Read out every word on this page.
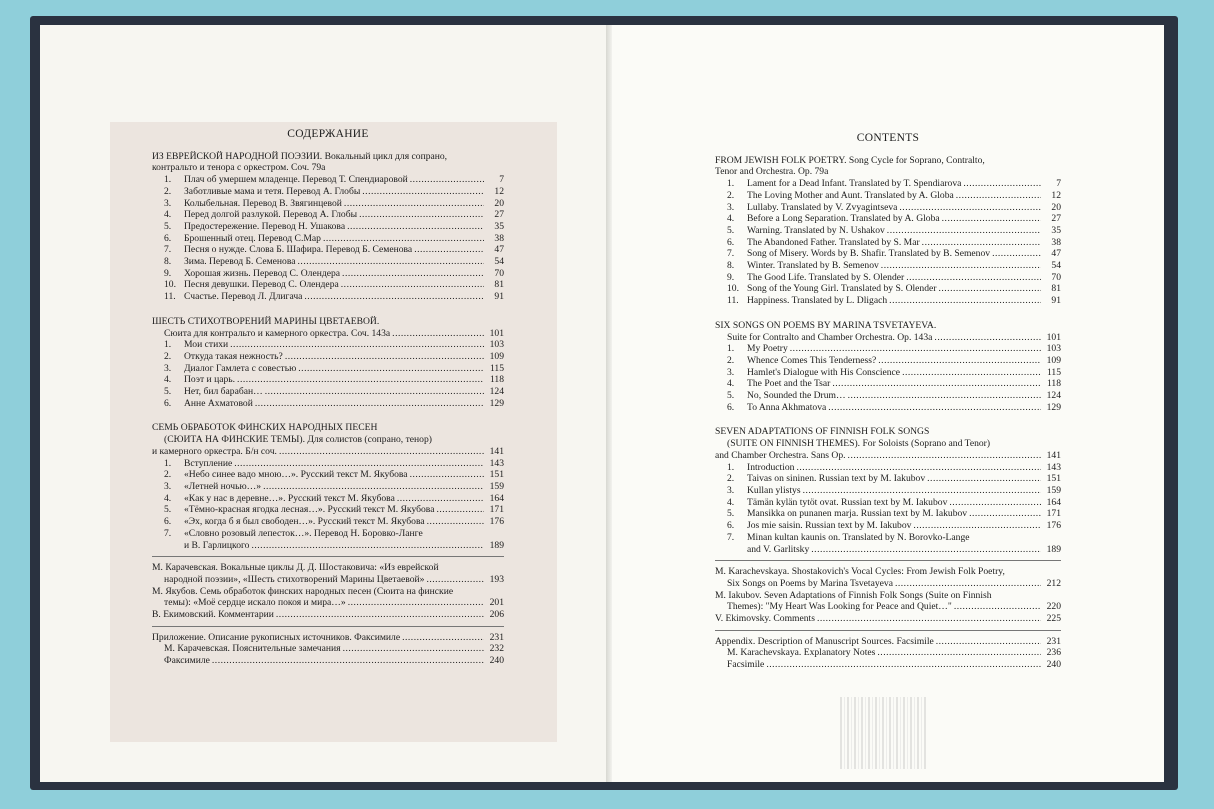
СОДЕРЖАНИЕ
ИЗ ЕВРЕЙСКОЙ НАРОДНОЙ ПОЭЗИИ. Вокальный цикл для сопрано,
контральто и тенора с оркестром. Соч. 79а
1.	Плач об умершем младенце. Перевод Т. Спендиаровой .....	7
2.	Заботливые мама и тетя. Перевод А. Глобы .....	12
3.	Колыбельная. Перевод В. Звягинцевой .....	20
4.	Перед долгой разлукой. Перевод А. Глобы .....	27
5.	Предостережение. Перевод Н. Ушакова .....	35
6.	Брошенный отец. Перевод С.Мар .....	38
7.	Песня о нужде. Слова Б. Шафира. Перевод Б. Семенова .....	47
8.	Зима. Перевод Б. Семенова .....	54
9.	Хорошая жизнь. Перевод С. Олендера .....	70
10. Песня девушки. Перевод С. Олендера .....	81
11. Счастье. Перевод Л. Длигача .....	91
ШЕСТЬ СТИХОТВОРЕНИЙ МАРИНЫ ЦВЕТАЕВОЙ.
Сюита для контральто и камерного оркестра. Соч. 143а .....	101
1.	Мои стихи .....	103
2.	Откуда такая нежность? .....	109
3.	Диалог Гамлета с совестью .....	115
4.	Поэт и царь. .....	118
5.	Нет, бил барабан… .....	124
6.	Анне Ахматовой .....	129
СЕМЬ ОБРАБОТОК ФИНСКИХ НАРОДНЫХ ПЕСЕН
(СЮИТА НА ФИНСКИЕ ТЕМЫ). Для солистов (сопрано, тенор)
и камерного оркестра. Б/н соч. .....	141
1.	Вступление .....	143
2.	«Небо синее вадо мною…». Русский текст М. Якубова .....	151
3.	«Летней ночью…» .....	159
4.	«Как у нас в деревне…». Русский текст М. Якубова .....	164
5.	«Тёмно-красная ягодка лесная…». Русский текст М. Якубова .....	171
6.	«Эх, когда б я был свободен…». Русский текст М. Якубова .....	176
7.	«Словно розовый лепесток…». Перевод Н. Боровко-Ланге
и В. Гарлицкого .....	189
М. Карачевская. Вокальные циклы Д. Д. Шостаковича: «Из еврейской
народной поэзии», «Шесть стихотворений Марины Цветаевой» .....	193
М. Якубов. Семь обработок финских народных песен (Сюита на финские
темы): «Моё сердце искало покоя и мира…» .....	201
В. Екимовский. Комментарии .....	206
Приложение. Описание рукописных источников. Факсимиле .....	231
М. Карачевская. Пояснительные замечания .....	232
Факсимиле .....	240
CONTENTS
FROM JEWISH FOLK POETRY. Song Cycle for Soprano, Contralto,
Tenor and Orchestra. Op. 79a
1.	Lament for a Dead Infant. Translated by T. Spendiarova .....	7
2.	The Loving Mother and Aunt. Translated by A. Globa .....	12
3.	Lullaby. Translated by V. Zvyagintseva .....	20
4.	Before a Long Separation. Translated by A. Globa .....	27
5.	Warning. Translated by N. Ushakov .....	35
6.	The Abandoned Father. Translated by S. Mar .....	38
7.	Song of Misery. Words by B. Shafir. Translated by B. Semenov .....	47
8.	Winter. Translated by B. Semenov .....	54
9.	The Good Life. Translated by S. Olender .....	70
10. Song of the Young Girl. Translated by S. Olender .....	81
11. Happiness. Translated by L. Dligach .....	91
SIX SONGS ON POEMS BY MARINA TSVETAYEVA.
Suite for Contralto and Chamber Orchestra. Op. 143a .....	101
1.	My Poetry .....	103
2.	Whence Comes This Tenderness? .....	109
3.	Hamlet's Dialogue with His Conscience .....	115
4.	The Poet and the Tsar .....	118
5.	No, Sounded the Drum… .....	124
6.	To Anna Akhmatova .....	129
SEVEN ADAPTATIONS OF FINNISH FOLK SONGS
(SUITE ON FINNISH THEMES). For Soloists (Soprano and Tenor)
and Chamber Orchestra. Sans Op. .....	141
1.	Introduction .....	143
2.	Taivas on sininen. Russian text by M. Iakubov .....	151
3.	Kullan ylistys .....	159
4.	Tämän kylän tytöt ovat. Russian text by M. Iakubov .....	164
5.	Mansikka on punanen marja. Russian text by M. Iakubov .....	171
6.	Jos mie saisin. Russian text by M. Iakubov .....	176
7.	Minan kultan kaunis on. Translated by N. Borovko-Lange
and V. Garlitsky .....	189
M. Karachevskaya. Shostakovich's Vocal Cycles: From Jewish Folk Poetry,
Six Songs on Poems by Marina Tsvetayeva .....	212
M. Iakubov. Seven Adaptations of Finnish Folk Songs (Suite on Finnish
Themes): "My Heart Was Looking for Peace and Quiet…" .....	220
V. Ekimovsky. Comments .....	225
Appendix. Description of Manuscript Sources. Facsimile .....	231
M. Karachevskaya. Explanatory Notes .....	236
Facsimile .....	240
